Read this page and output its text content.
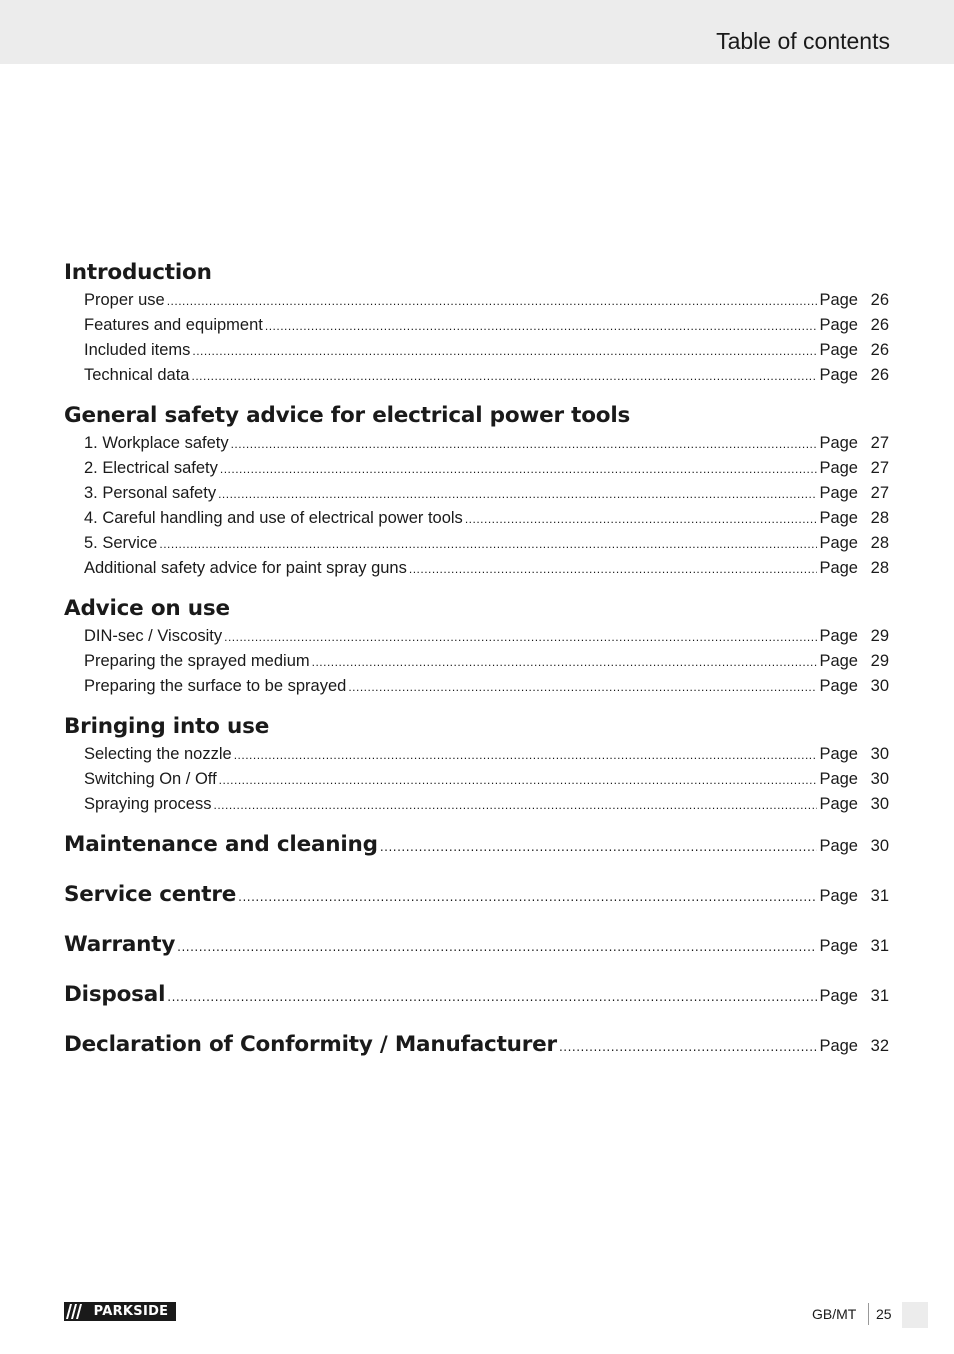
Table of contents
Introduction
Proper use .....	Page 26
Features and equipment .....	Page 26
Included items .....	Page 26
Technical data .....	Page 26
General safety advice for electrical power tools
1. Workplace safety .....	Page 27
2. Electrical safety .....	Page 27
3. Personal safety .....	Page 27
4. Careful handling and use of electrical power tools .....	Page 28
5. Service .....	Page 28
Additional safety advice for paint spray guns .....	Page 28
Advice on use
DIN-sec / Viscosity .....	Page 29
Preparing the sprayed medium .....	Page 29
Preparing the surface to be sprayed .....	Page 30
Bringing into use
Selecting the nozzle .....	Page 30
Switching On / Off .....	Page 30
Spraying process .....	Page 30
Maintenance and cleaning .....	Page 30
Service centre .....	Page 31
Warranty .....	Page 31
Disposal .....	Page 31
Declaration of Conformity / Manufacturer .....	Page 32
PARKSIDE	GB/MT 25
